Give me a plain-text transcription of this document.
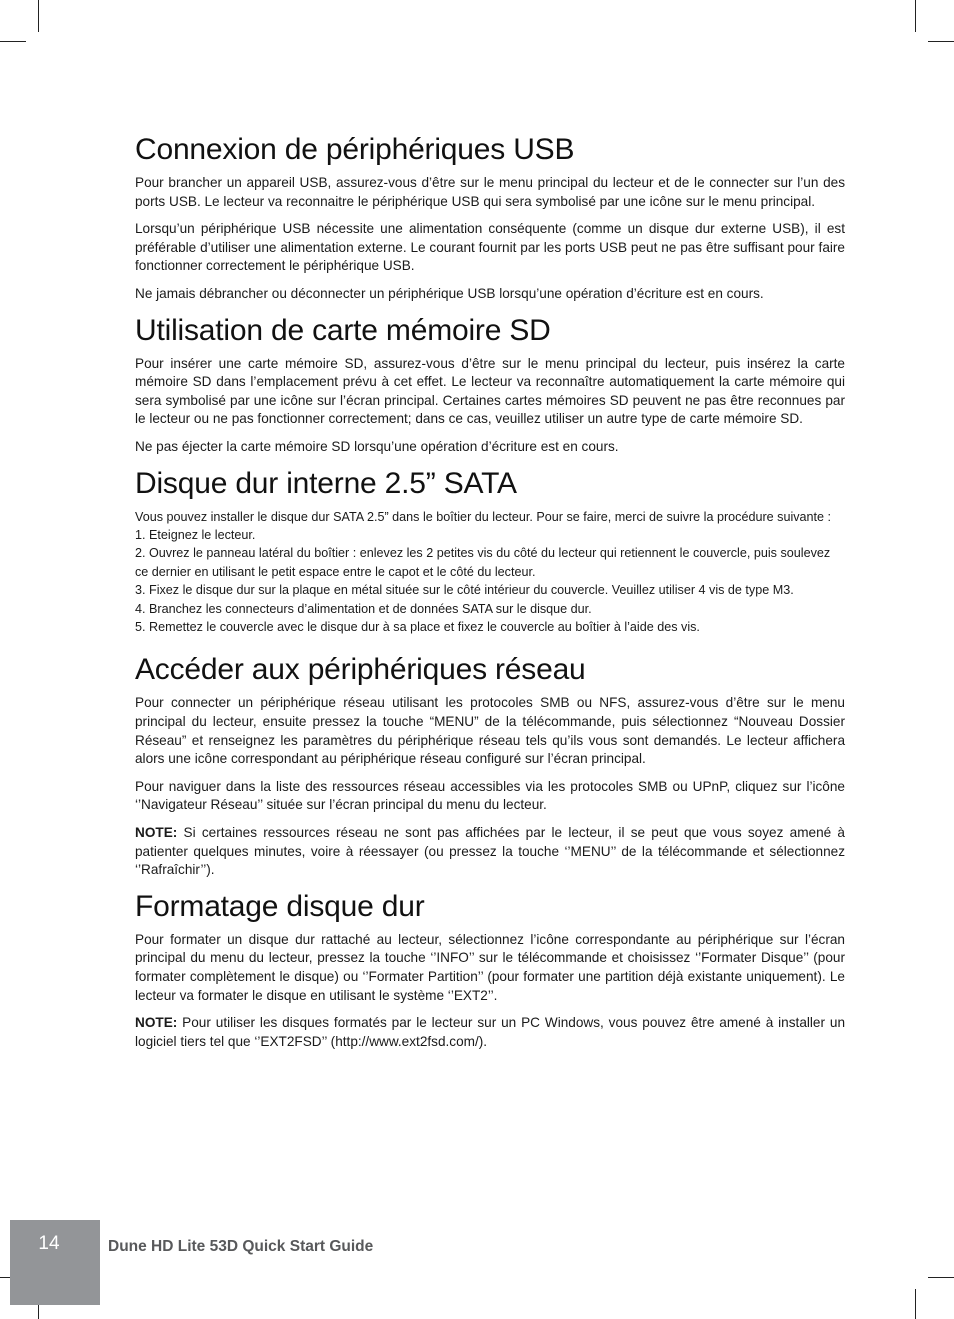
Connexion de périphériques USB

Pour brancher un appareil USB, assurez-vous d’être sur le menu principal du lecteur et de le connecter sur l’un des ports USB. Le lecteur va reconnaitre le périphérique USB qui sera symbolisé par une icône sur le menu principal.

Lorsqu’un périphérique USB nécessite une alimentation conséquente (comme un disque dur externe USB), il est préférable d’utiliser une alimentation externe. Le courant fournit par les ports USB peut ne pas être suffisant pour faire fonctionner correctement le périphérique USB.

Ne jamais débrancher ou déconnecter un périphérique USB lorsqu’une opération d’écriture est en cours.

Utilisation de carte mémoire SD

Pour insérer une carte mémoire SD, assurez-vous d’être sur le menu principal du lecteur, puis insérez la carte mémoire SD dans l’emplacement prévu à cet effet. Le lecteur va reconnaître automatiquement la carte mémoire qui sera symbolisé par une icône sur l’écran principal. Certaines cartes mémoires SD peuvent ne pas être reconnues par le lecteur ou ne pas fonctionner correctement; dans ce cas, veuillez utiliser un autre type de carte mémoire SD.

Ne pas éjecter la carte mémoire SD lorsqu’une opération d’écriture est en cours.

Disque dur interne 2.5” SATA

Vous pouvez installer le disque dur SATA 2.5” dans le boîtier du lecteur. Pour se faire, merci de suivre la procédure suivante :

1. Eteignez le lecteur.

2. Ouvrez le panneau latéral du boîtier : enlevez les 2 petites vis du côté du lecteur qui retiennent le couvercle, puis soulevez ce dernier en utilisant le petit espace entre le capot et le côté du lecteur.

3. Fixez le disque dur sur la plaque en métal située sur le côté intérieur du couvercle. Veuillez utiliser 4 vis de type M3.

4. Branchez les connecteurs d’alimentation et de données SATA sur le disque dur.

5. Remettez le couvercle avec le disque dur à sa place et fixez le couvercle au boîtier à l’aide des vis.

Accéder aux périphériques réseau

Pour connecter un périphérique réseau utilisant les protocoles SMB ou NFS, assurez-vous d’être sur le menu principal du lecteur, ensuite pressez la touche “MENU” de la télécommande, puis sélectionnez “Nouveau Dossier Réseau” et renseignez les paramètres du périphérique réseau tels qu’ils vous sont demandés. Le lecteur affichera alors une icône correspondant au périphérique réseau configuré sur l’écran principal.

Pour naviguer dans la liste des ressources réseau accessibles via les protocoles SMB ou UPnP, cliquez sur l’icône ‘’Navigateur Réseau’’ située sur l’écran principal du menu du lecteur.

NOTE: Si certaines ressources réseau ne sont pas affichées par le lecteur, il se peut que vous soyez amené à patienter quelques minutes, voire à réessayer (ou pressez la touche ‘’MENU’’ de la télécommande et sélectionnez ‘’Rafraîchir’’).

Formatage disque dur

Pour formater un disque dur rattaché au lecteur, sélectionnez l’icône correspondante au périphérique sur l’écran principal du menu du lecteur, pressez la touche ‘’INFO’’ sur le télécommande et choisissez ‘’Formater Disque’’ (pour formater complètement le disque) ou ‘’Formater Partition’’ (pour formater une partition déjà existante uniquement). Le lecteur va formater le disque en utilisant le système ‘’EXT2’’.

NOTE: Pour utiliser les disques formatés par le lecteur sur un PC Windows, vous pouvez être amené à installer un logiciel tiers tel que ‘’EXT2FSD’’ (http://www.ext2fsd.com/).

14	Dune HD Lite 53D Quick Start Guide
